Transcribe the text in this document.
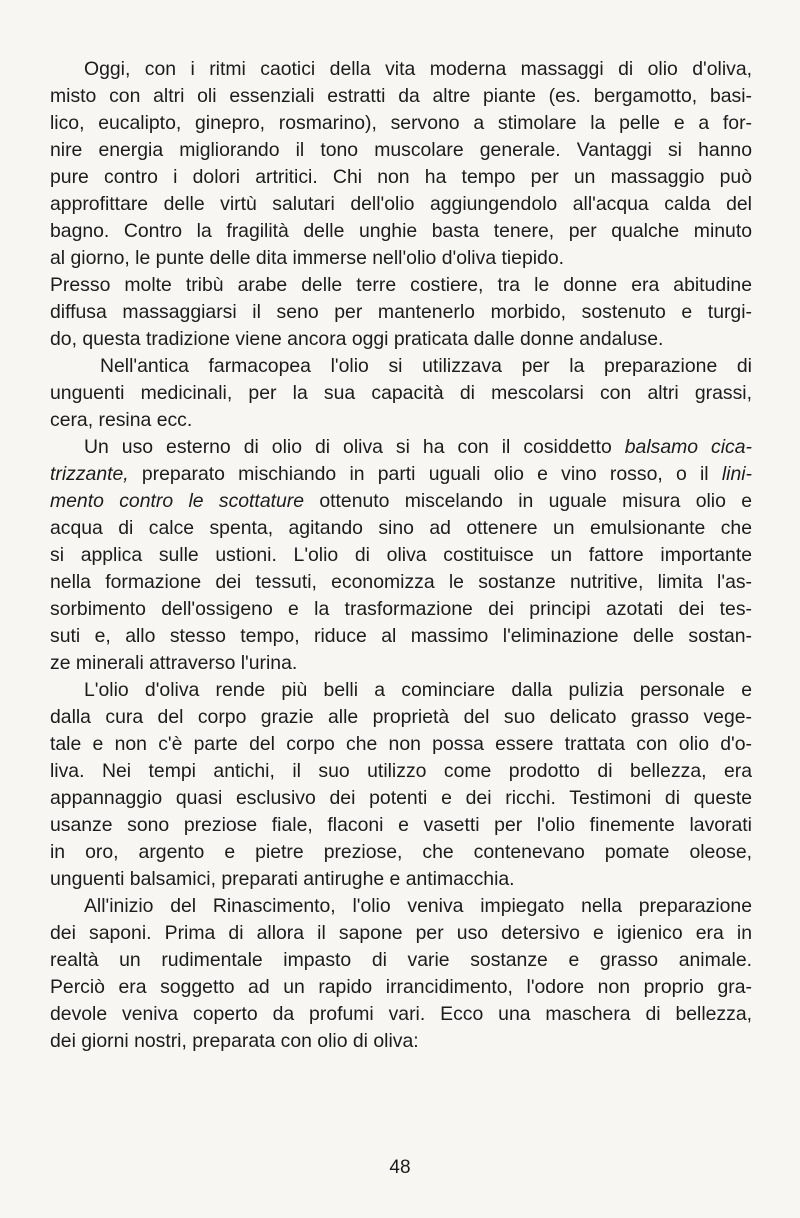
Oggi, con i ritmi caotici della vita moderna massaggi di olio d'oliva,
misto con altri oli essenziali estratti da altre piante (es. bergamotto, basi-
lico, eucalipto, ginepro, rosmarino), servono a stimolare la pelle e a for-
nire energia migliorando il tono muscolare generale. Vantaggi si hanno
pure contro i dolori artritici. Chi non ha tempo per un massaggio può
approfittare delle virtù salutari dell'olio aggiungendolo all'acqua calda del
bagno. Contro la fragilità delle unghie basta tenere, per qualche minuto
al giorno, le punte delle dita immerse nell'olio d'oliva tiepido.
Presso molte tribù arabe delle terre costiere, tra le donne era abitudine
diffusa massaggiarsi il seno per mantenerlo morbido, sostenuto e turgi-
do, questa tradizione viene ancora oggi praticata dalle donne andaluse.
Nell'antica farmacopea l'olio si utilizzava per la preparazione di
unguenti medicinali, per la sua capacità di mescolarsi con altri grassi,
cera, resina ecc.
Un uso esterno di olio di oliva si ha con il cosiddetto balsamo cica-
trizzante, preparato mischiando in parti uguali olio e vino rosso, o il lini-
mento contro le scottature ottenuto miscelando in uguale misura olio e
acqua di calce spenta, agitando sino ad ottenere un emulsionante che
si applica sulle ustioni. L'olio di oliva costituisce un fattore importante
nella formazione dei tessuti, economizza le sostanze nutritive, limita l'as-
sorbimento dell'ossigeno e la trasformazione dei principi azotati dei tes-
suti e, allo stesso tempo, riduce al massimo l'eliminazione delle sostan-
ze minerali attraverso l'urina.
L'olio d'oliva rende più belli a cominciare dalla pulizia personale e
dalla cura del corpo grazie alle proprietà del suo delicato grasso vege-
tale e non c'è parte del corpo che non possa essere trattata con olio d'o-
liva. Nei tempi antichi, il suo utilizzo come prodotto di bellezza, era
appannaggio quasi esclusivo dei potenti e dei ricchi. Testimoni di queste
usanze sono preziose fiale, flaconi e vasetti per l'olio finemente lavorati
in oro, argento e pietre preziose, che contenevano pomate oleose,
unguenti balsamici, preparati antirughe e antimacchia.
All'inizio del Rinascimento, l'olio veniva impiegato nella preparazione
dei saponi. Prima di allora il sapone per uso detersivo e igienico era in
realtà un rudimentale impasto di varie sostanze e grasso animale.
Perciò era soggetto ad un rapido irrancidimento, l'odore non proprio gra-
devole veniva coperto da profumi vari. Ecco una maschera di bellezza,
dei giorni nostri, preparata con olio di oliva:
48
